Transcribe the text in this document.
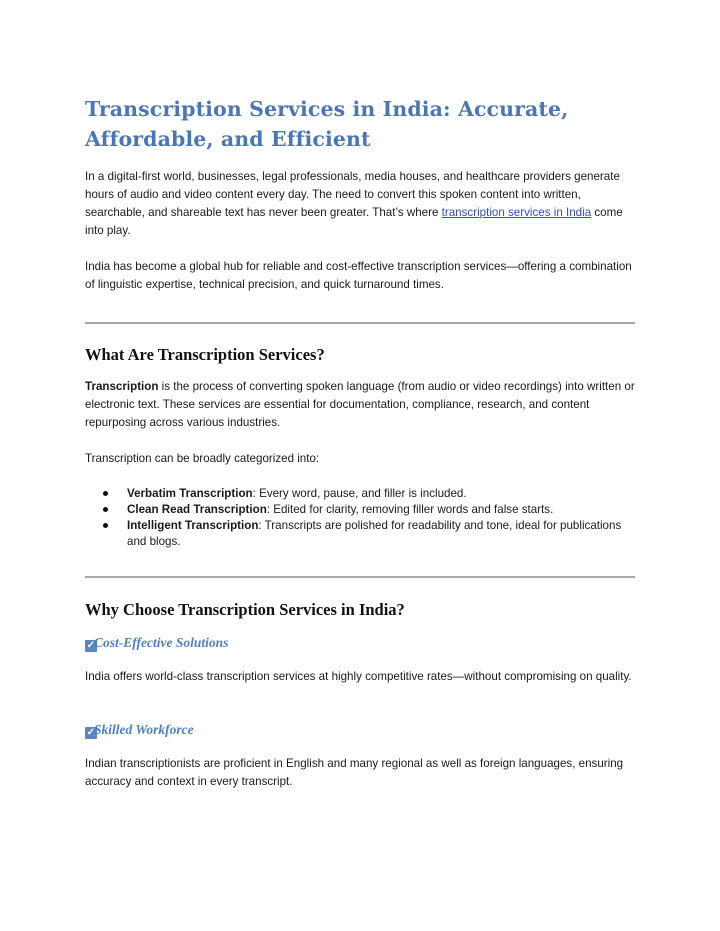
Transcription Services in India: Accurate, Affordable, and Efficient

In a digital-first world, businesses, legal professionals, media houses, and healthcare providers generate hours of audio and video content every day. The need to convert this spoken content into written, searchable, and shareable text has never been greater. That’s where transcription services in India come into play.

India has become a global hub for reliable and cost-effective transcription services—offering a combination of linguistic expertise, technical precision, and quick turnaround times.

What Are Transcription Services?

Transcription is the process of converting spoken language (from audio or video recordings) into written or electronic text. These services are essential for documentation, compliance, research, and content repurposing across various industries.

Transcription can be broadly categorized into:

Verbatim Transcription: Every word, pause, and filler is included.
Clean Read Transcription: Edited for clarity, removing filler words and false starts.
Intelligent Transcription: Transcripts are polished for readability and tone, ideal for publications and blogs.
Why Choose Transcription Services in India?
✓Cost-Effective Solutions

India offers world-class transcription services at highly competitive rates—without compromising on quality.

✓Skilled Workforce

Indian transcriptionists are proficient in English and many regional as well as foreign languages, ensuring accuracy and context in every transcript.
